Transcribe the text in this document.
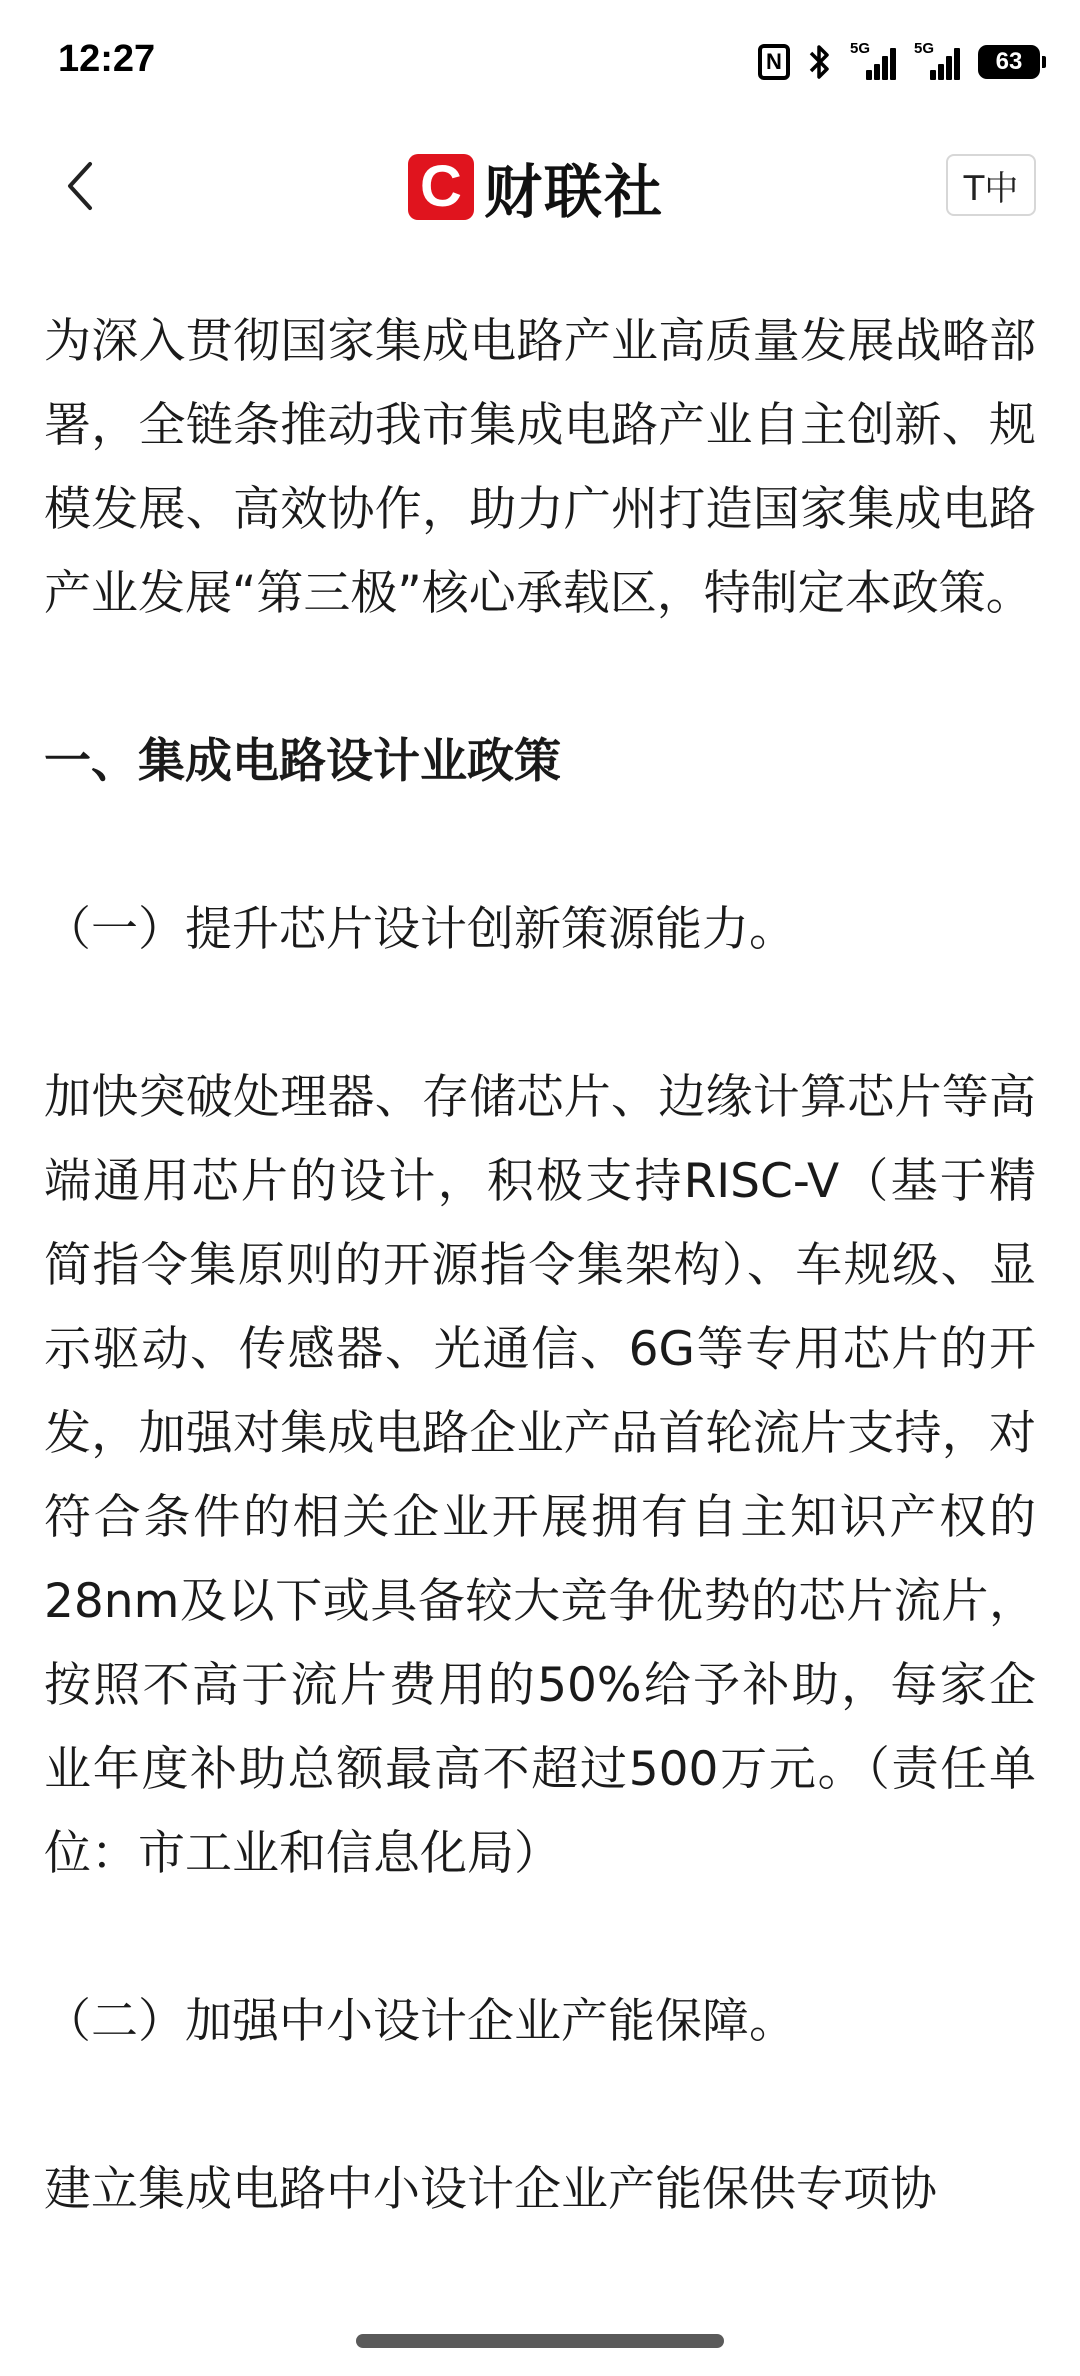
12:27	N
5G	5G	63
C 财联社	T中

为深入贯彻国家集成电路产业高质量发展战略部署，全链条推动我市集成电路产业自主创新、规模发展、高效协作，助力广州打造国家集成电路产业发展“第三极”核心承载区，特制定本政策。

一、集成电路设计业政策

（一）提升芯片设计创新策源能力。

加快突破处理器、存储芯片、边缘计算芯片等高端通用芯片的设计，积极支持RISC-V（基于精简指令集原则的开源指令集架构）、车规级、显示驱动、传感器、光通信、6G等专用芯片的开发，加强对集成电路企业产品首轮流片支持，对符合条件的相关企业开展拥有自主知识产权的28nm及以下或具备较大竞争优势的芯片流片，按照不高于流片费用的50%给予补助，每家企业年度补助总额最高不超过500万元。（责任单位：市工业和信息化局）

（二）加强中小设计企业产能保障。

建立集成电路中小设计企业产能保供专项协
